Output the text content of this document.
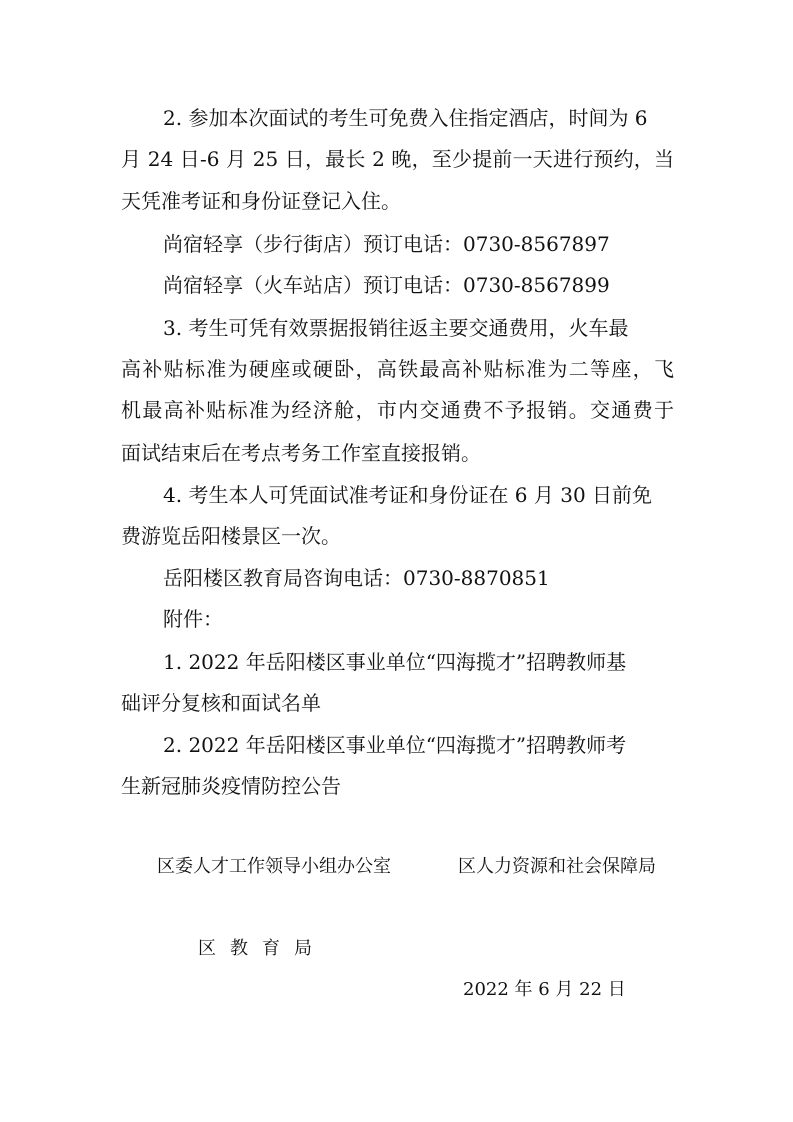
2. 参加本次面试的考生可免费入住指定酒店，时间为 6
月 24 日-6 月 25 日，最长 2 晚，至少提前一天进行预约，当
天凭准考证和身份证登记入住。
尚宿轻享（步行街店）预订电话：0730-8567897
尚宿轻享（火车站店）预订电话：0730-8567899
3. 考生可凭有效票据报销往返主要交通费用，火车最
高补贴标准为硬座或硬卧，高铁最高补贴标准为二等座，飞
机最高补贴标准为经济舱，市内交通费不予报销。交通费于
面试结束后在考点考务工作室直接报销。
4. 考生本人可凭面试准考证和身份证在 6 月 30 日前免
费游览岳阳楼景区一次。
岳阳楼区教育局咨询电话：0730-8870851
附件：
1. 2022 年岳阳楼区事业单位“四海揽才”招聘教师基
础评分复核和面试名单
2. 2022 年岳阳楼区事业单位“四海揽才”招聘教师考
生新冠肺炎疫情防控公告
区委人才工作领导小组办公室	区人力资源和社会保障局
区教育局
2022 年 6 月 22 日
